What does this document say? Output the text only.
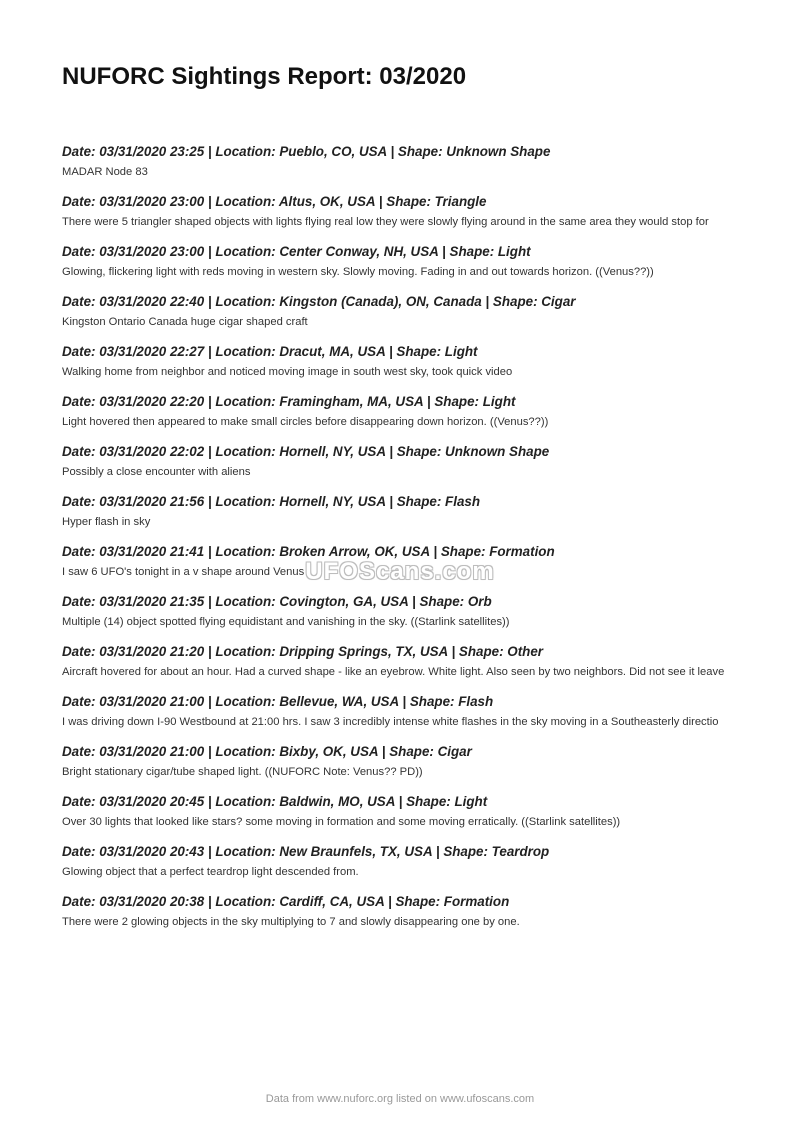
NUFORC Sightings Report: 03/2020
Date: 03/31/2020 23:25 | Location: Pueblo, CO, USA | Shape: Unknown Shape
MADAR Node 83
Date: 03/31/2020 23:00 | Location: Altus, OK, USA | Shape: Triangle
There were 5 triangler shaped objects with lights flying real low they were slowly flying around in the same area they would stop for
Date: 03/31/2020 23:00 | Location: Center Conway, NH, USA | Shape: Light
Glowing, flickering light with reds moving in western sky. Slowly moving. Fading in and out towards horizon. ((Venus??))
Date: 03/31/2020 22:40 | Location: Kingston (Canada), ON, Canada | Shape: Cigar
Kingston Ontario Canada huge cigar shaped craft
Date: 03/31/2020 22:27 | Location: Dracut, MA, USA | Shape: Light
Walking home from neighbor and noticed moving image in south west sky, took quick video
Date: 03/31/2020 22:20 | Location: Framingham, MA, USA | Shape: Light
Light hovered then appeared to make small circles before disappearing down horizon. ((Venus??))
Date: 03/31/2020 22:02 | Location: Hornell, NY, USA | Shape: Unknown Shape
Possibly a close encounter with aliens
Date: 03/31/2020 21:56 | Location: Hornell, NY, USA | Shape: Flash
Hyper flash in sky
Date: 03/31/2020 21:41 | Location: Broken Arrow, OK, USA | Shape: Formation
I saw 6 UFO's tonight in a v shape around Venus
Date: 03/31/2020 21:35 | Location: Covington, GA, USA | Shape: Orb
Multiple (14) object spotted flying equidistant and vanishing in the sky. ((Starlink satellites))
Date: 03/31/2020 21:20 | Location: Dripping Springs, TX, USA | Shape: Other
Aircraft hovered for about an hour. Had a curved shape - like an eyebrow. White light. Also seen by two neighbors. Did not see it leave
Date: 03/31/2020 21:00 | Location: Bellevue, WA, USA | Shape: Flash
I was driving down I-90 Westbound at 21:00 hrs. I saw 3 incredibly intense white flashes in the sky moving in a Southeasterly directio
Date: 03/31/2020 21:00 | Location: Bixby, OK, USA | Shape: Cigar
Bright stationary cigar/tube shaped light. ((NUFORC Note: Venus?? PD))
Date: 03/31/2020 20:45 | Location: Baldwin, MO, USA | Shape: Light
Over 30 lights that looked like stars? some moving in formation and some moving erratically. ((Starlink satellites))
Date: 03/31/2020 20:43 | Location: New Braunfels, TX, USA | Shape: Teardrop
Glowing object that a perfect teardrop light descended from.
Date: 03/31/2020 20:38 | Location: Cardiff, CA, USA | Shape: Formation
There were 2 glowing objects in the sky multiplying to 7 and slowly disappearing one by one.
UFOScans.com
Data from www.nuforc.org listed on www.ufoscans.com
